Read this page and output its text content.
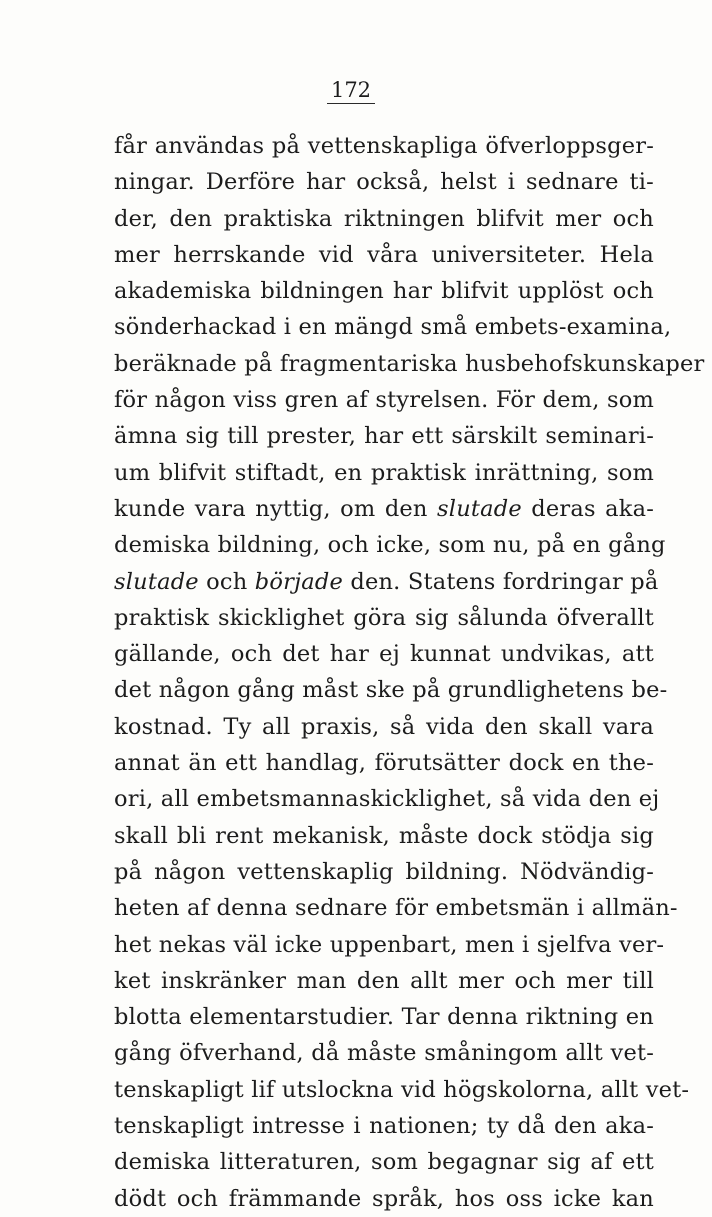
172
får användas på vettenskapliga öfverloppsger-
ningar. Derföre har också, helst i sednare ti-
der, den praktiska riktningen blifvit mer och
mer herrskande vid våra universiteter. Hela
akademiska bildningen har blifvit upplöst och
sönderhackad i en mängd små embets-examina,
beräknade på fragmentariska husbehofskunskaper
för någon viss gren af styrelsen. För dem, som
ämna sig till prester, har ett särskilt seminari-
um blifvit stiftadt, en praktisk inrättning, som
kunde vara nyttig, om den slutade deras aka-
demiska bildning, och icke, som nu, på en gång
slutade och började den. Statens fordringar på
praktisk skicklighet göra sig sålunda öfverallt
gällande, och det har ej kunnat undvikas, att
det någon gång måst ske på grundlighetens be-
kostnad. Ty all praxis, så vida den skall vara
annat än ett handlag, förutsätter dock en the-
ori, all embetsmannaskicklighet, så vida den ej
skall bli rent mekanisk, måste dock stödja sig
på någon vettenskaplig bildning. Nödvändig-
heten af denna sednare för embetsmän i allmän-
het nekas väl icke uppenbart, men i sjelfva ver-
ket inskränker man den allt mer och mer till
blotta elementarstudier. Tar denna riktning en
gång öfverhand, då måste småningom allt vet-
tenskapligt lif utslockna vid högskolorna, allt vet-
tenskapligt intresse i nationen; ty då den aka-
demiska litteraturen, som begagnar sig af ett
dödt och främmande språk, hos oss icke kan
